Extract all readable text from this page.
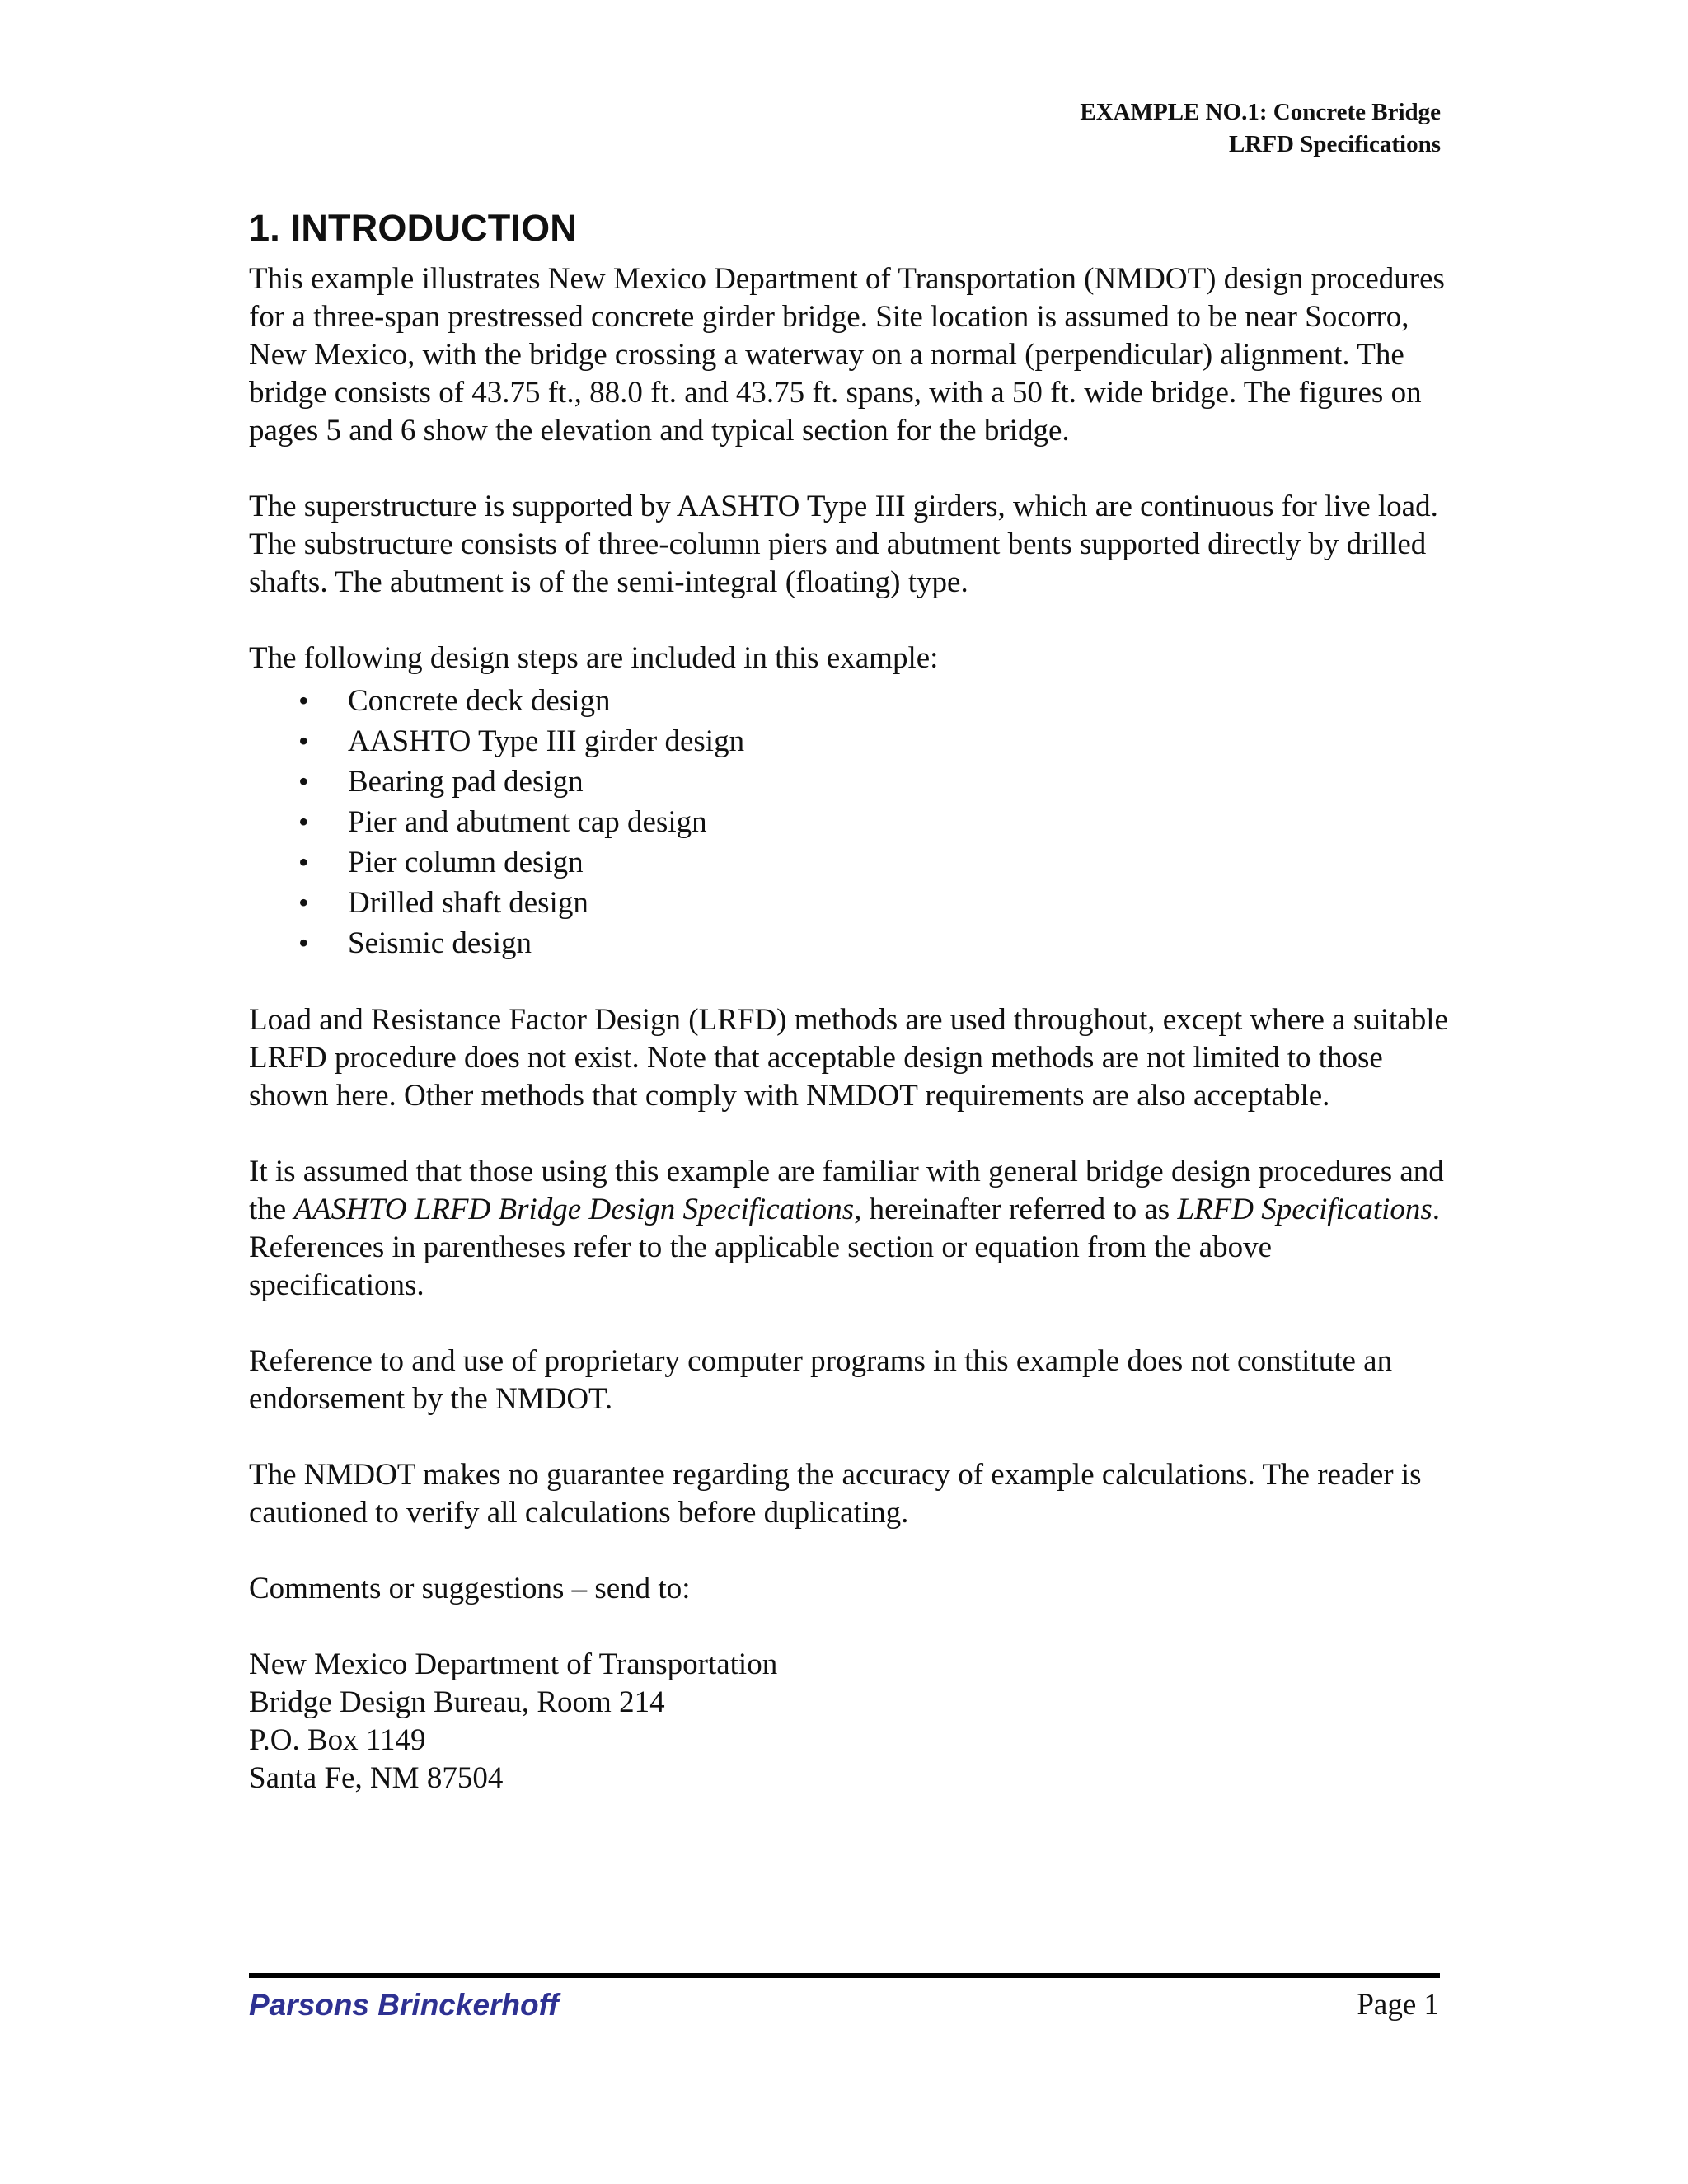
EXAMPLE NO.1: Concrete Bridge
LRFD Specifications
1. INTRODUCTION

This example illustrates New Mexico Department of Transportation (NMDOT) design procedures for a three-span prestressed concrete girder bridge. Site location is assumed to be near Socorro, New Mexico, with the bridge crossing a waterway on a normal (perpendicular) alignment. The bridge consists of 43.75 ft., 88.0 ft. and 43.75 ft. spans, with a 50 ft. wide bridge. The figures on pages 5 and 6 show the elevation and typical section for the bridge.

The superstructure is supported by AASHTO Type III girders, which are continuous for live load. The substructure consists of three-column piers and abutment bents supported directly by drilled shafts. The abutment is of the semi-integral (floating) type.

The following design steps are included in this example:

• Concrete deck design
• AASHTO Type III girder design
• Bearing pad design
• Pier and abutment cap design
• Pier column design
• Drilled shaft design
• Seismic design

Load and Resistance Factor Design (LRFD) methods are used throughout, except where a suitable LRFD procedure does not exist. Note that acceptable design methods are not limited to those shown here. Other methods that comply with NMDOT requirements are also acceptable.

It is assumed that those using this example are familiar with general bridge design procedures and the AASHTO LRFD Bridge Design Specifications, hereinafter referred to as LRFD Specifications. References in parentheses refer to the applicable section or equation from the above specifications.

Reference to and use of proprietary computer programs in this example does not constitute an endorsement by the NMDOT.

The NMDOT makes no guarantee regarding the accuracy of example calculations. The reader is cautioned to verify all calculations before duplicating.

Comments or suggestions – send to:

New Mexico Department of Transportation

Bridge Design Bureau, Room 214

P.O. Box 1149

Santa Fe, NM 87504

Parsons Brinckerhoff	Page 1
